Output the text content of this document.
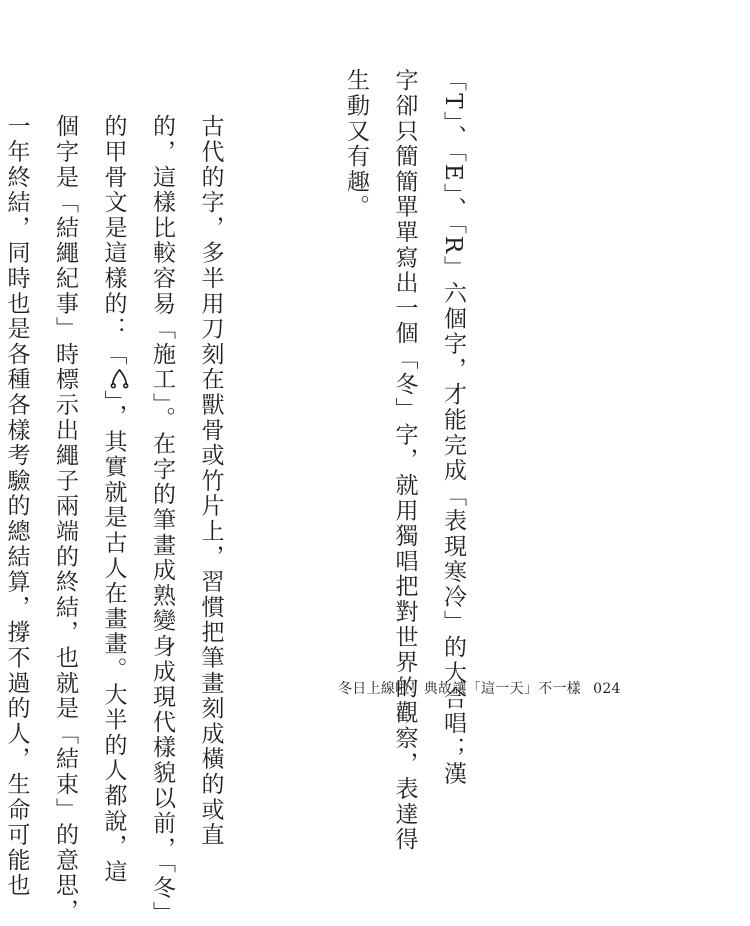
「T」、「E」、「R」六個字，才能完成「表現寒冷」的大合唱；漢
字卻只簡簡單單寫出一個「冬」字，就用獨唱把對世界的觀察，表達得
生動又有趣。

古代的字，多半用刀刻在獸骨或竹片上，習慣把筆畫刻成橫的或直
的，這樣比較容易「施工」。在字的筆畫成熟變身成現代樣貌以前，「冬」
的甲骨文是這樣的：「」，其實就是古人在畫畫。大半的人都說，這
個字是「結繩紀事」時標示出繩子兩端的終結，也就是「結束」的意思，
一年終結，同時也是各種各樣考驗的總結算，撐不過的人，生命可能也	冬日上線啦！典故讓「這一天」不一樣 024
